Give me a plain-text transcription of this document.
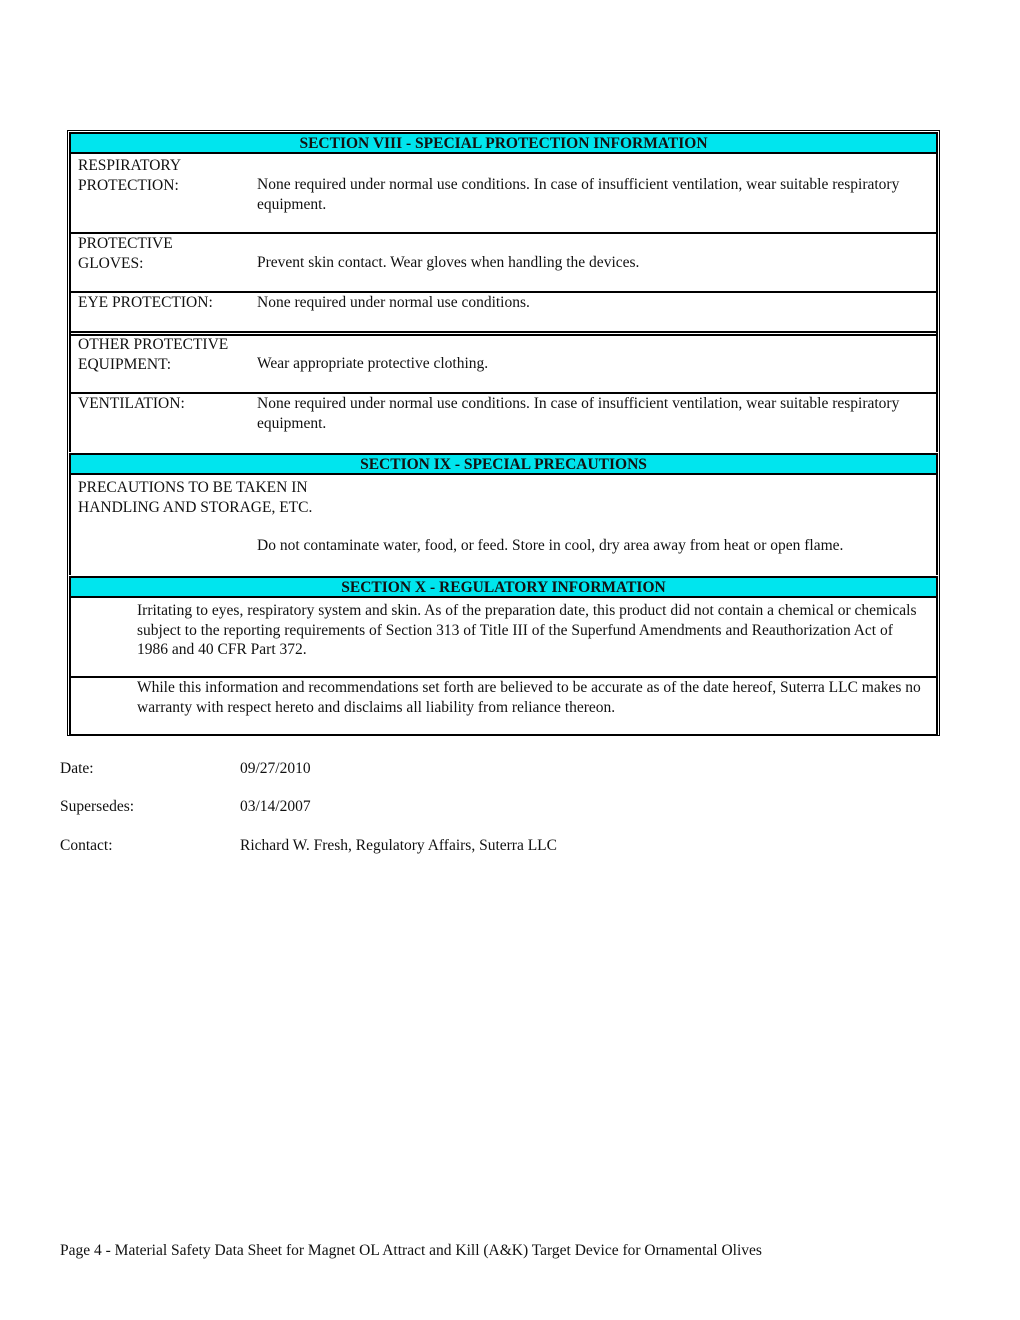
SECTION VIII - SPECIAL PROTECTION INFORMATION
RESPIRATORY
PROTECTION:	None required under normal use conditions. In case of insufficient ventilation, wear suitable respiratory equipment.
PROTECTIVE
GLOVES:	Prevent skin contact. Wear gloves when handling the devices.
EYE PROTECTION:	None required under normal use conditions.
OTHER PROTECTIVE
EQUIPMENT:	Wear appropriate protective clothing.
VENTILATION:	None required under normal use conditions. In case of insufficient ventilation, wear suitable respiratory equipment.
SECTION IX - SPECIAL PRECAUTIONS
PRECAUTIONS TO BE TAKEN IN
HANDLING AND STORAGE, ETC.
Do not contaminate water, food, or feed. Store in cool, dry area away from heat or open flame.
SECTION X - REGULATORY INFORMATION
Irritating to eyes, respiratory system and skin. As of the preparation date, this product did not contain a chemical or chemicals subject to the reporting requirements of Section 313 of Title III of the Superfund Amendments and Reauthorization Act of 1986 and 40 CFR Part 372.
While this information and recommendations set forth are believed to be accurate as of the date hereof, Suterra LLC makes no warranty with respect hereto and disclaims all liability from reliance thereon.
Date:	09/27/2010
Supersedes:	03/14/2007
Contact:	Richard W. Fresh, Regulatory Affairs, Suterra LLC
Page 4 - Material Safety Data Sheet for Magnet OL Attract and Kill (A&K) Target Device for Ornamental Olives
